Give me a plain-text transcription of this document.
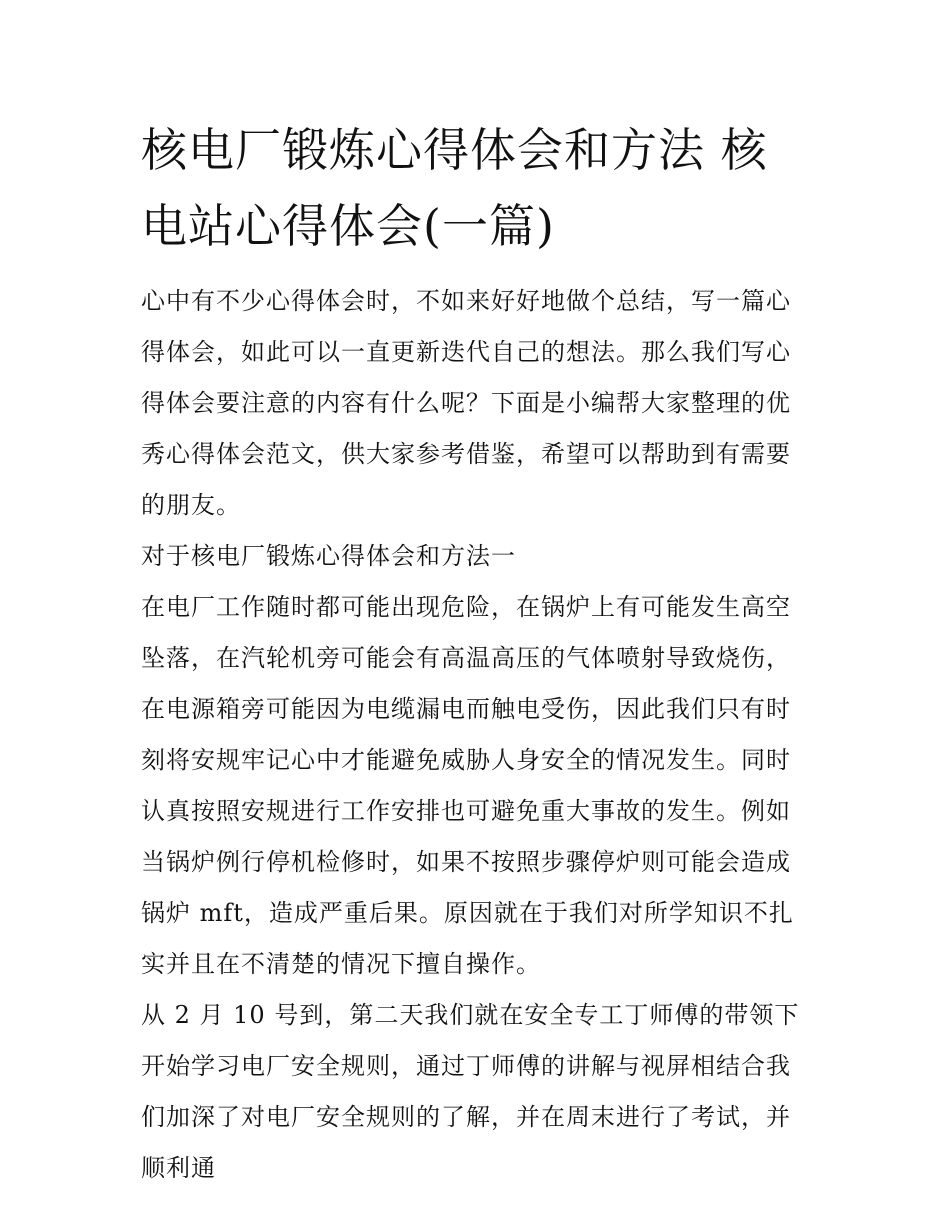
核电厂锻炼心得体会和方法 核电站心得体会(一篇)

心中有不少心得体会时，不如来好好地做个总结，写一篇心得体会，如此可以一直更新迭代自己的想法。那么我们写心得体会要注意的内容有什么呢？下面是小编帮大家整理的优秀心得体会范文，供大家参考借鉴，希望可以帮助到有需要的朋友。

对于核电厂锻炼心得体会和方法一

在电厂工作随时都可能出现危险，在锅炉上有可能发生高空坠落，在汽轮机旁可能会有高温高压的气体喷射导致烧伤，在电源箱旁可能因为电缆漏电而触电受伤，因此我们只有时刻将安规牢记心中才能避免威胁人身安全的情况发生。同时认真按照安规进行工作安排也可避免重大事故的发生。例如当锅炉例行停机检修时，如果不按照步骤停炉则可能会造成锅炉 mft，造成严重后果。原因就在于我们对所学知识不扎实并且在不清楚的情况下擅自操作。

从 2 月 10 号到，第二天我们就在安全专工丁师傅的带领下开始学习电厂安全规则，通过丁师傅的讲解与视屏相结合我们加深了对电厂安全规则的了解，并在周末进行了考试，并顺利通
